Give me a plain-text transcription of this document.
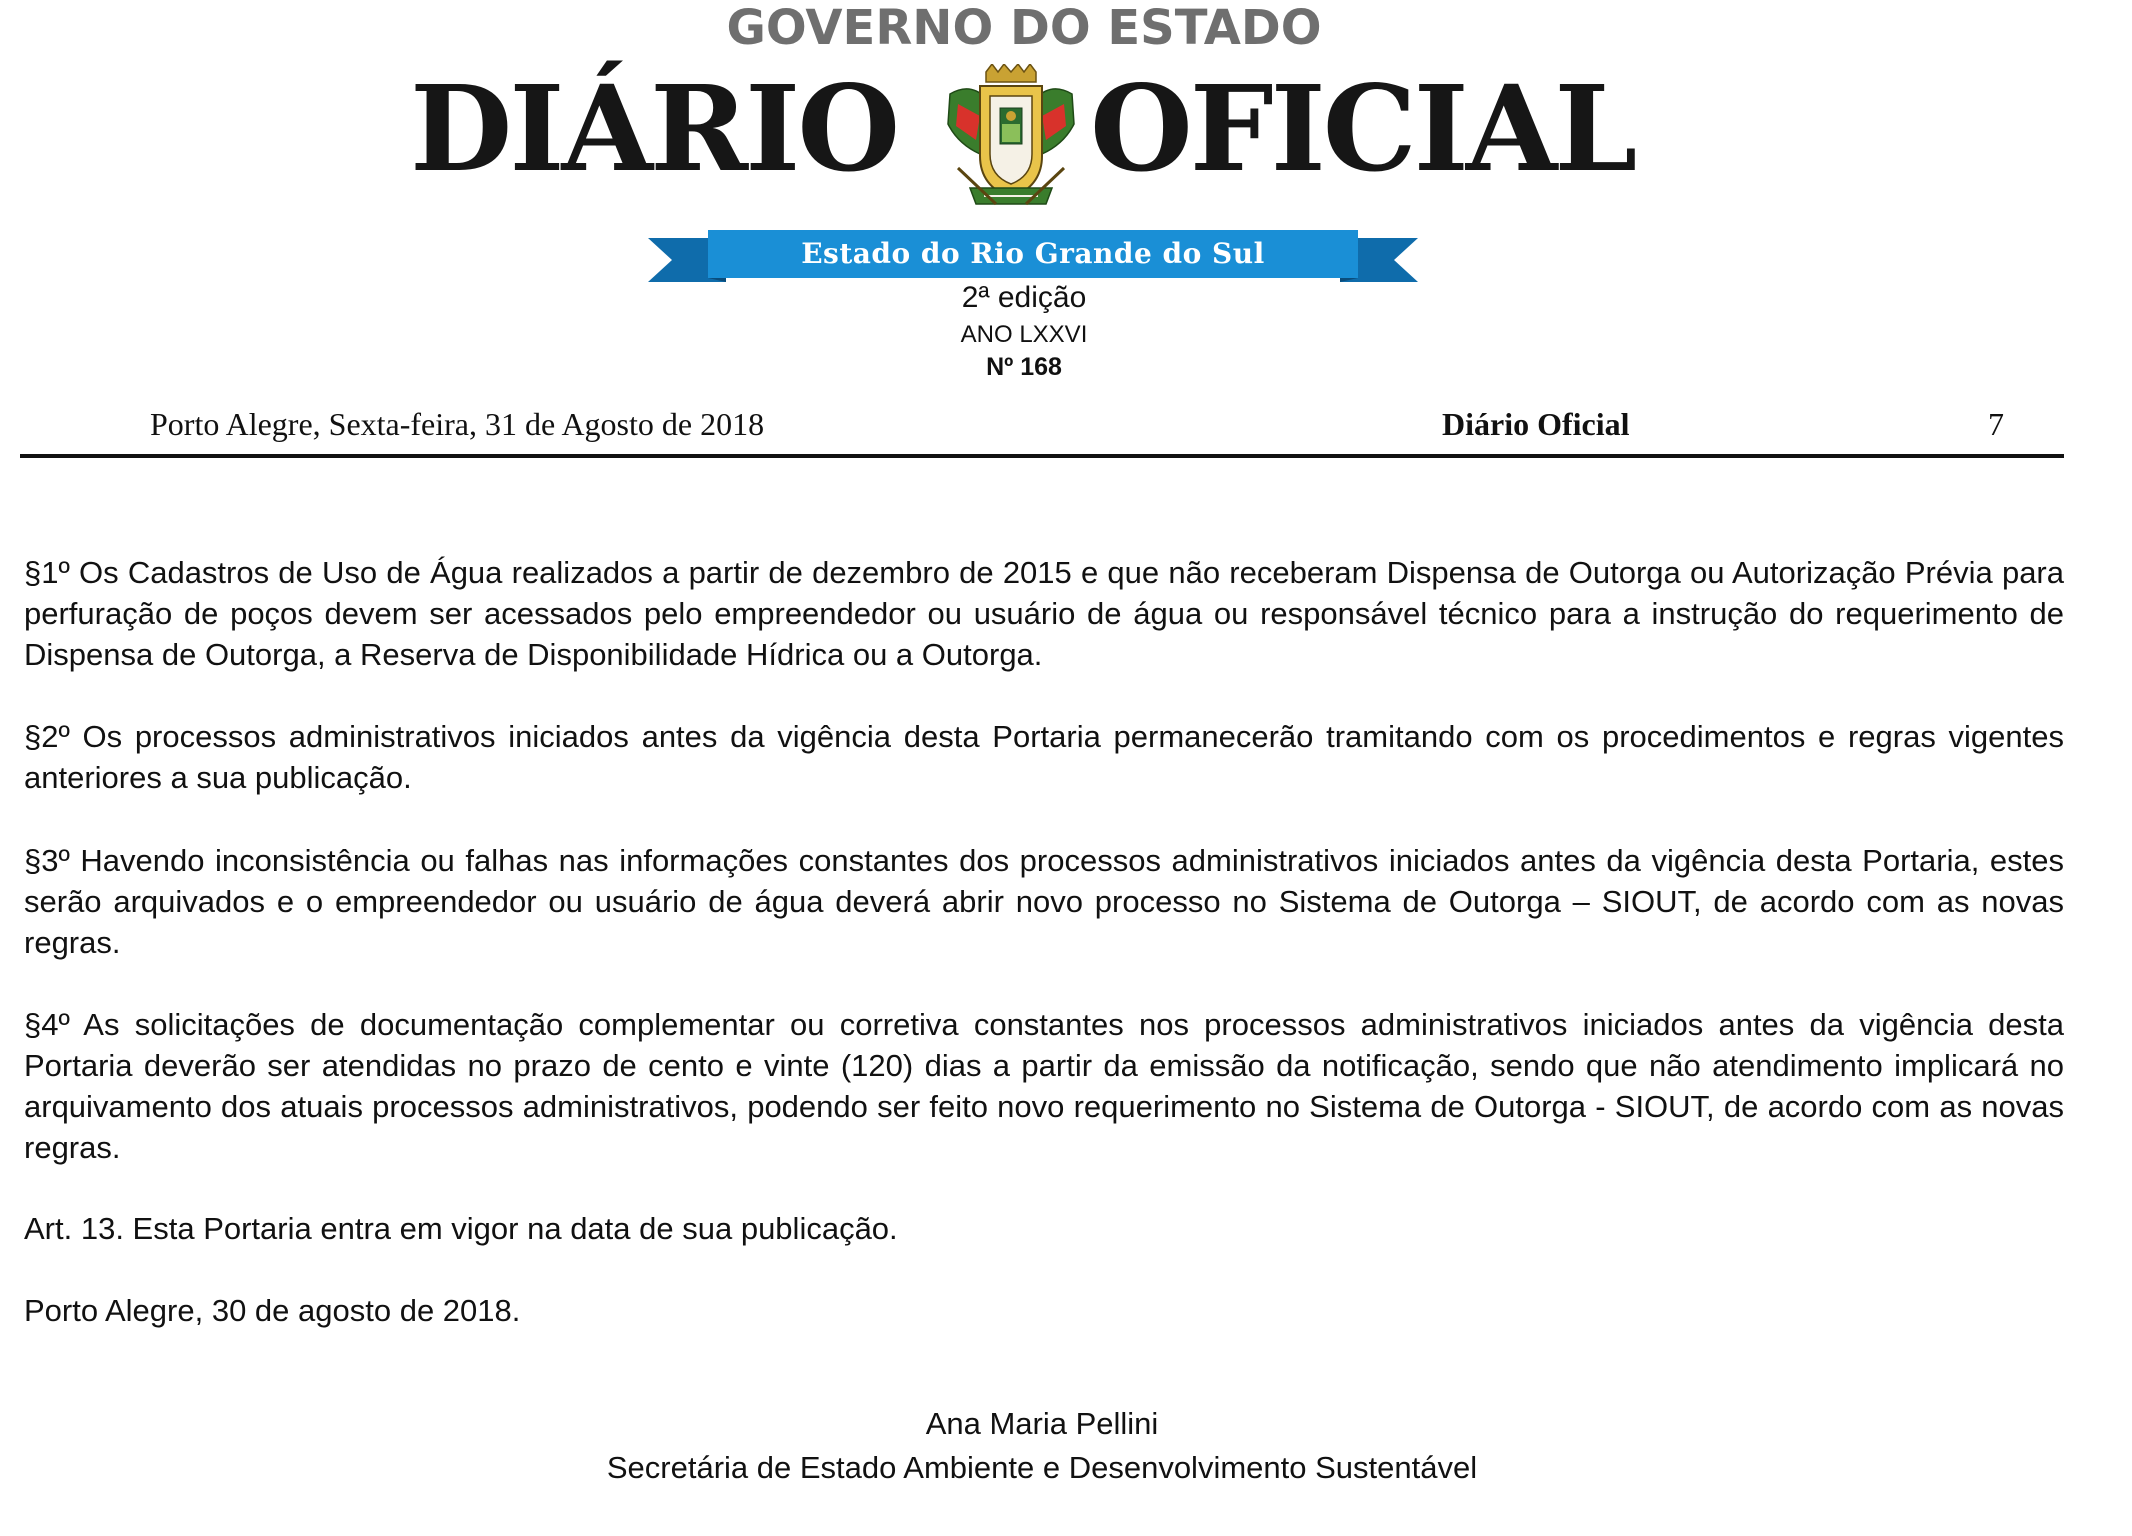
GOVERNO DO ESTADO
DIÁRIO OFICIAL
Estado do Rio Grande do Sul
2ª edição
ANO LXXVI
Nº 168
Porto Alegre, Sexta-feira, 31 de Agosto de 2018	Diário Oficial	7
§1º Os Cadastros de Uso de Água realizados a partir de dezembro de 2015 e que não receberam Dispensa de Outorga ou Autorização Prévia para perfuração de poços devem ser acessados pelo empreendedor ou usuário de água ou responsável técnico para a instrução do requerimento de Dispensa de Outorga, a Reserva de Disponibilidade Hídrica ou a Outorga.
§2º Os processos administrativos iniciados antes da vigência desta Portaria permanecerão tramitando com os procedimentos e regras vigentes anteriores a sua publicação.
§3º Havendo inconsistência ou falhas nas informações constantes dos processos administrativos iniciados antes da vigência desta Portaria, estes serão arquivados e o empreendedor ou usuário de água deverá abrir novo processo no Sistema de Outorga – SIOUT, de acordo com as novas regras.
§4º As solicitações de documentação complementar ou corretiva constantes nos processos administrativos iniciados antes da vigência desta Portaria deverão ser atendidas no prazo de cento e vinte (120) dias a partir da emissão da notificação, sendo que não atendimento implicará no arquivamento dos atuais processos administrativos, podendo ser feito novo requerimento no Sistema de Outorga - SIOUT, de acordo com as novas regras.
Art. 13. Esta Portaria entra em vigor na data de sua publicação.
Porto Alegre, 30 de agosto de 2018.
Ana Maria Pellini
Secretária de Estado Ambiente e Desenvolvimento Sustentável
